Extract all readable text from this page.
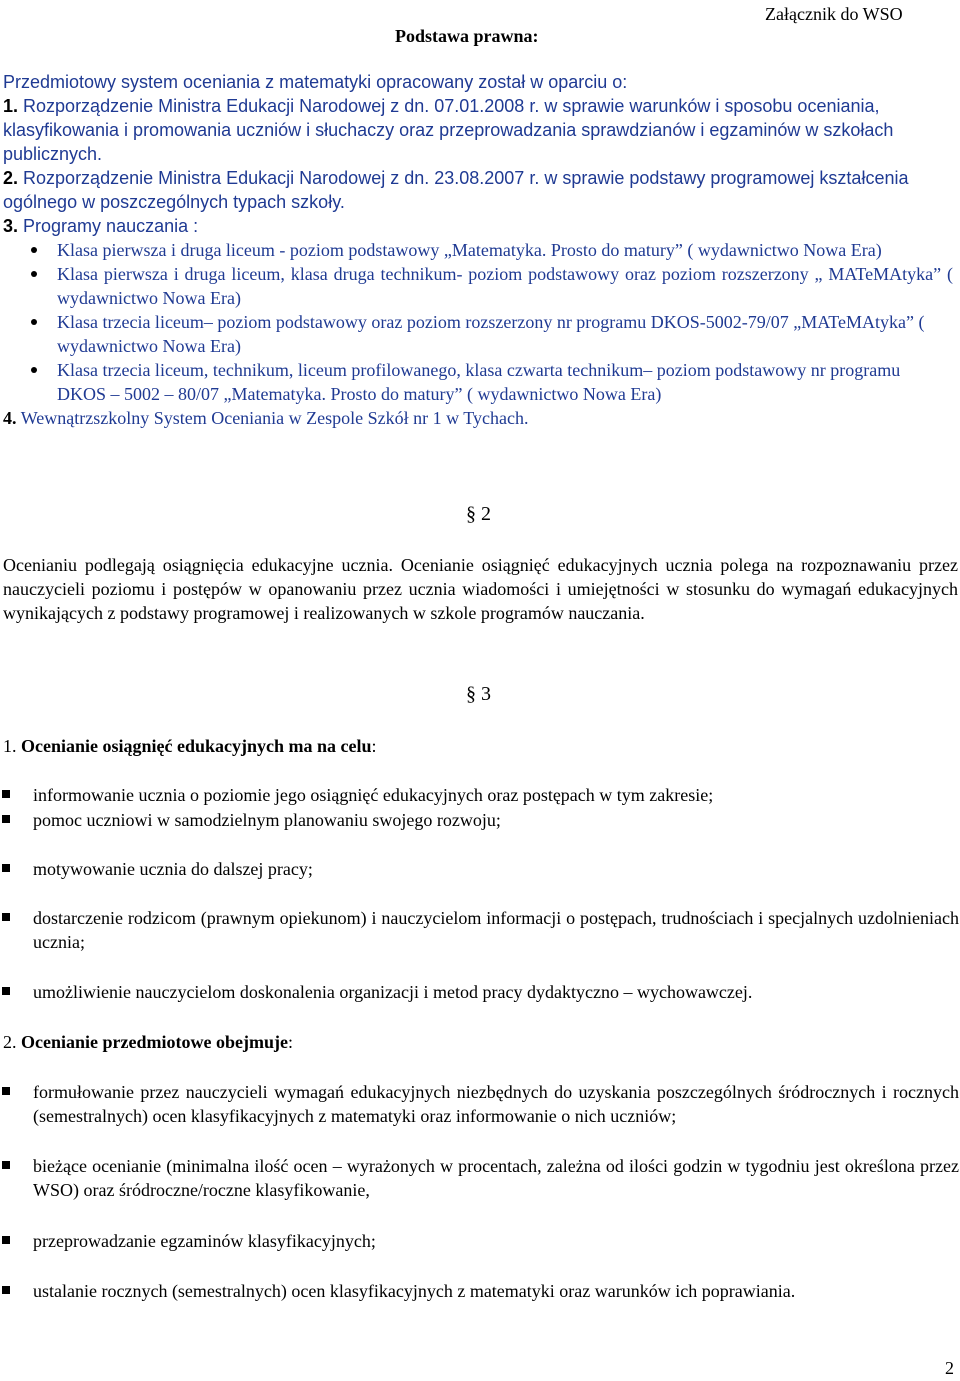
Podstawa prawna:
Załącznik do WSO

Przedmiotowy system oceniania z matematyki opracowany został w oparciu o:

1. Rozporządzenie Ministra Edukacji Narodowej z dn. 07.01.2008 r. w sprawie warunków i sposobu oceniania, klasyfikowania i promowania uczniów i słuchaczy oraz przeprowadzania sprawdzianów i egzaminów w szkołach publicznych.

2. Rozporządzenie Ministra Edukacji Narodowej z dn. 23.08.2007 r. w sprawie podstawy programowej kształcenia ogólnego w poszczególnych typach szkoły.

3. Programy nauczania :

Klasa pierwsza i druga liceum - poziom podstawowy „Matematyka. Prosto do matury” ( wydawnictwo Nowa Era)

Klasa pierwsza i druga liceum, klasa druga technikum- poziom podstawowy oraz poziom rozszerzony „ MATeMAtyka” ( wydawnictwo Nowa Era)

Klasa trzecia liceum– poziom podstawowy oraz poziom rozszerzony nr programu DKOS-5002-79/07 „MATeMAtyka” ( wydawnictwo Nowa Era)

Klasa trzecia liceum, technikum, liceum profilowanego, klasa czwarta technikum– poziom podstawowy nr programu DKOS – 5002 – 80/07 „Matematyka. Prosto do matury” ( wydawnictwo Nowa Era)

4. Wewnątrzszkolny System Oceniania w Zespole Szkół nr 1 w Tychach.

§ 2

Ocenianiu podlegają osiągnięcia edukacyjne ucznia. Ocenianie osiągnięć edukacyjnych ucznia polega na rozpoznawaniu przez nauczycieli poziomu i postępów w opanowaniu przez ucznia wiadomości i umiejętności w stosunku do wymagań edukacyjnych wynikających z podstawy programowej i realizowanych w szkole programów nauczania.

§ 3
1. Ocenianie osiągnięć edukacyjnych ma na celu:

informowanie ucznia o poziomie jego osiągnięć edukacyjnych oraz postępach w tym zakresie;

pomoc uczniowi w samodzielnym planowaniu swojego rozwoju;

motywowanie ucznia do dalszej pracy;

dostarczenie rodzicom (prawnym opiekunom) i nauczycielom informacji o postępach, trudnościach i specjalnych uzdolnieniach ucznia;

umożliwienie nauczycielom doskonalenia organizacji i metod pracy dydaktyczno – wychowawczej.

2. Ocenianie przedmiotowe obejmuje:

formułowanie przez nauczycieli wymagań edukacyjnych niezbędnych do uzyskania poszczególnych śródrocznych i rocznych (semestralnych) ocen klasyfikacyjnych z matematyki oraz informowanie o nich uczniów;

bieżące ocenianie (minimalna ilość ocen – wyrażonych w procentach, zależna od ilości godzin w tygodniu jest określona przez WSO) oraz śródroczne/roczne klasyfikowanie,

przeprowadzanie egzaminów klasyfikacyjnych;

ustalanie rocznych (semestralnych) ocen klasyfikacyjnych z matematyki oraz warunków ich poprawiania.

2
